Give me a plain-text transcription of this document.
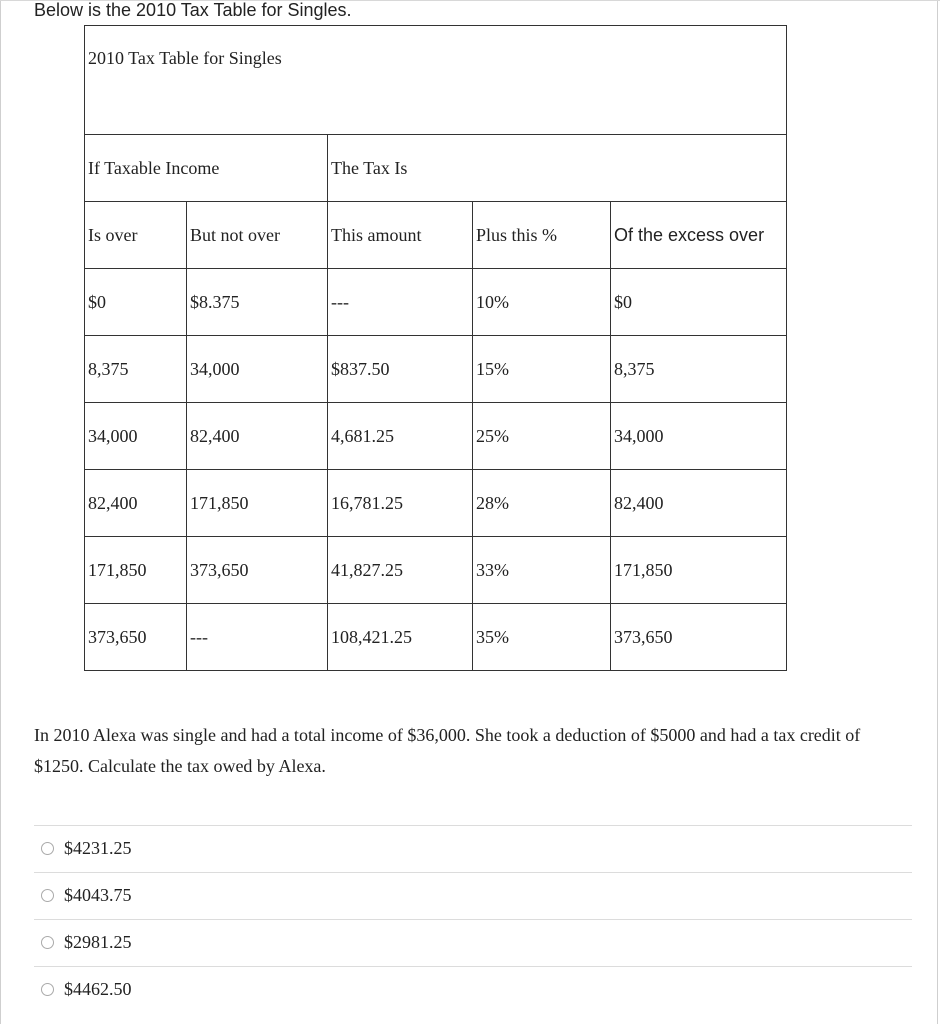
Below is the 2010 Tax Table for Singles.
2010 Tax Table for Singles				
If Taxable Income		The Tax Is		
Is over	But not over	This amount	Plus this %	Of the excess over
$0	$8.375	---	10%	$0
8,375	34,000	$837.50	15%	8,375
34,000	82,400	4,681.25	25%	34,000
82,400	171,850	16,781.25	28%	82,400
171,850	373,650	41,827.25	33%	171,850
373,650	---	108,421.25	35%	373,650
In 2010 Alexa was single and had a total income of $36,000. She took a deduction of $5000 and had a tax credit of $1250. Calculate the tax owed by Alexa.
$4231.25
$4043.75
$2981.25
$4462.50
